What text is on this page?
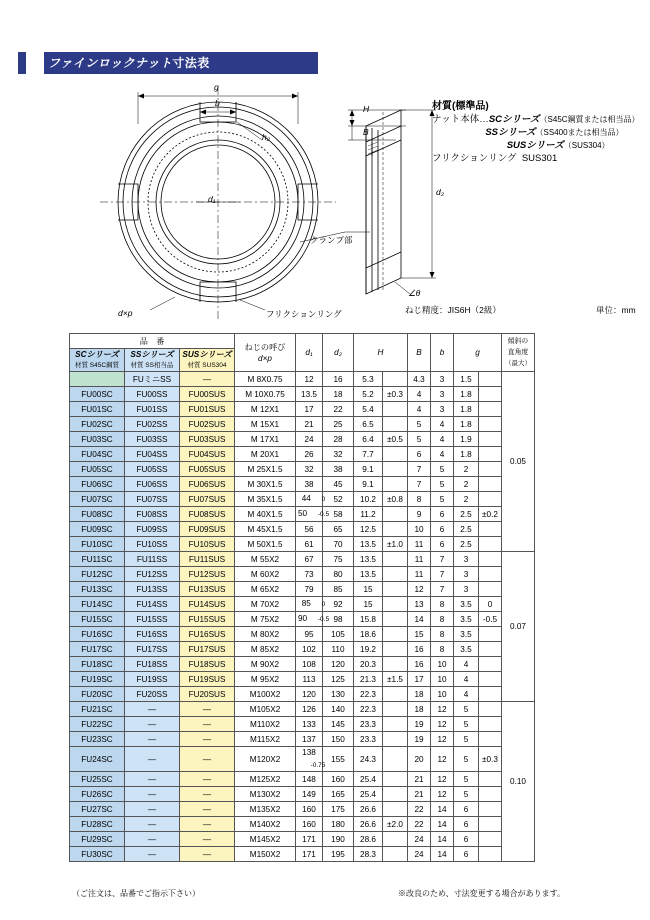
ファインロックナット寸法表
g
b
h₂
d₁
d×p	フリクションリング
クランプ部
H
B
d₂
∠θ
材質(標準品)
ナット本体…SCシリーズ（S45C鋼質または相当品）
SSシリーズ（SS400または相当品）
SUSシリーズ（SUS304）
フリクションリング SUS301
ねじ精度：JIS6H（2級）	単位：mm
品　番	
ねじの呼び
d×p
	d₁	d₂	H	B	b	g	
傾斜の
直角度
（最大）

SCシリーズ
材質 S45C鋼質

SSシリーズ
材質 SS相当品

SUSシリーズ
材質 SUS304

	FUミニSS	—	M 8X0.75	12	16	5.3		4.3	3	1.5		0.05
FU00SC	FU00SS	FU00SUS	M 10X0.75	13.5	18	5.2	±0.3	4	3	1.8		
FU01SC	FU01SS	FU01SUS	M 12X1	17	22	5.4		4	3	1.8		
FU02SC	FU02SS	FU02SUS	M 15X1	21	25	6.5		5	4	1.8		
FU03SC	FU03SS	FU03SUS	M 17X1	24	28	6.4	±0.5	5	4	1.9		
FU04SC	FU04SS	FU04SUS	M 20X1	26	32	7.7		6	4	1.8		
FU05SC	FU05SS	FU05SUS	M 25X1.5	32	38	9.1		7	5	2		
FU06SC	FU06SS	FU06SUS	M 30X1.5	38	45	9.1		7	5	2		
FU07SC	FU07SS	FU07SUS	M 35X1.5	44 0	52	10.2	±0.8	8	5	2		
FU08SC	FU08SS	FU08SUS	M 40X1.5	50 -0.5	58	11.2		9	6	2.5	±0.2	
FU09SC	FU09SS	FU09SUS	M 45X1.5	56	65	12.5		10	6	2.5		
FU10SC	FU10SS	FU10SUS	M 50X1.5	61	70	13.5	±1.0	11	6	2.5		
FU11SC	FU11SS	FU11SUS	M 55X2	67	75	13.5		11	7	3		0.07
FU12SC	FU12SS	FU12SUS	M 60X2	73	80	13.5		11	7	3		
FU13SC	FU13SS	FU13SUS	M 65X2	79	85	15		12	7	3		
FU14SC	FU14SS	FU14SUS	M 70X2	85 0	92	15		13	8	3.5	0	
FU15SC	FU15SS	FU15SUS	M 75X2	90 -0.5	98	15.8		14	8	3.5	-0.5	
FU16SC	FU16SS	FU16SUS	M 80X2	95	105	18.6		15	8	3.5		
FU17SC	FU17SS	FU17SUS	M 85X2	102	110	19.2		16	8	3.5		
FU18SC	FU18SS	FU18SUS	M 90X2	108	120	20.3		16	10	4		
FU19SC	FU19SS	FU19SUS	M 95X2	113	125	21.3	±1.5	17	10	4		
FU20SC	FU20SS	FU20SUS	M100X2	120	130	22.3		18	10	4		
FU21SC	—	—	M105X2	126	140	22.3		18	12	5		0.10
FU22SC	—	—	M110X2	133	145	23.3		19	12	5		
FU23SC	—	—	M115X2	137	150	23.3		19	12	5		
FU24SC	—	—	M120X2	138 -0.75	155	24.3		20	12	5	±0.3	
FU25SC	—	—	M125X2	148	160	25.4		21	12	5		
FU26SC	—	—	M130X2	149	165	25.4		21	12	5		
FU27SC	—	—	M135X2	160	175	26.6		22	14	6		
FU28SC	—	—	M140X2	160	180	26.6	±2.0	22	14	6		
FU29SC	—	—	M145X2	171	190	28.6		24	14	6		
FU30SC	—	—	M150X2	171	195	28.3		24	14	6		
（ご注文は、品番でご指示下さい）	※改良のため、寸法変更する場合があります。
